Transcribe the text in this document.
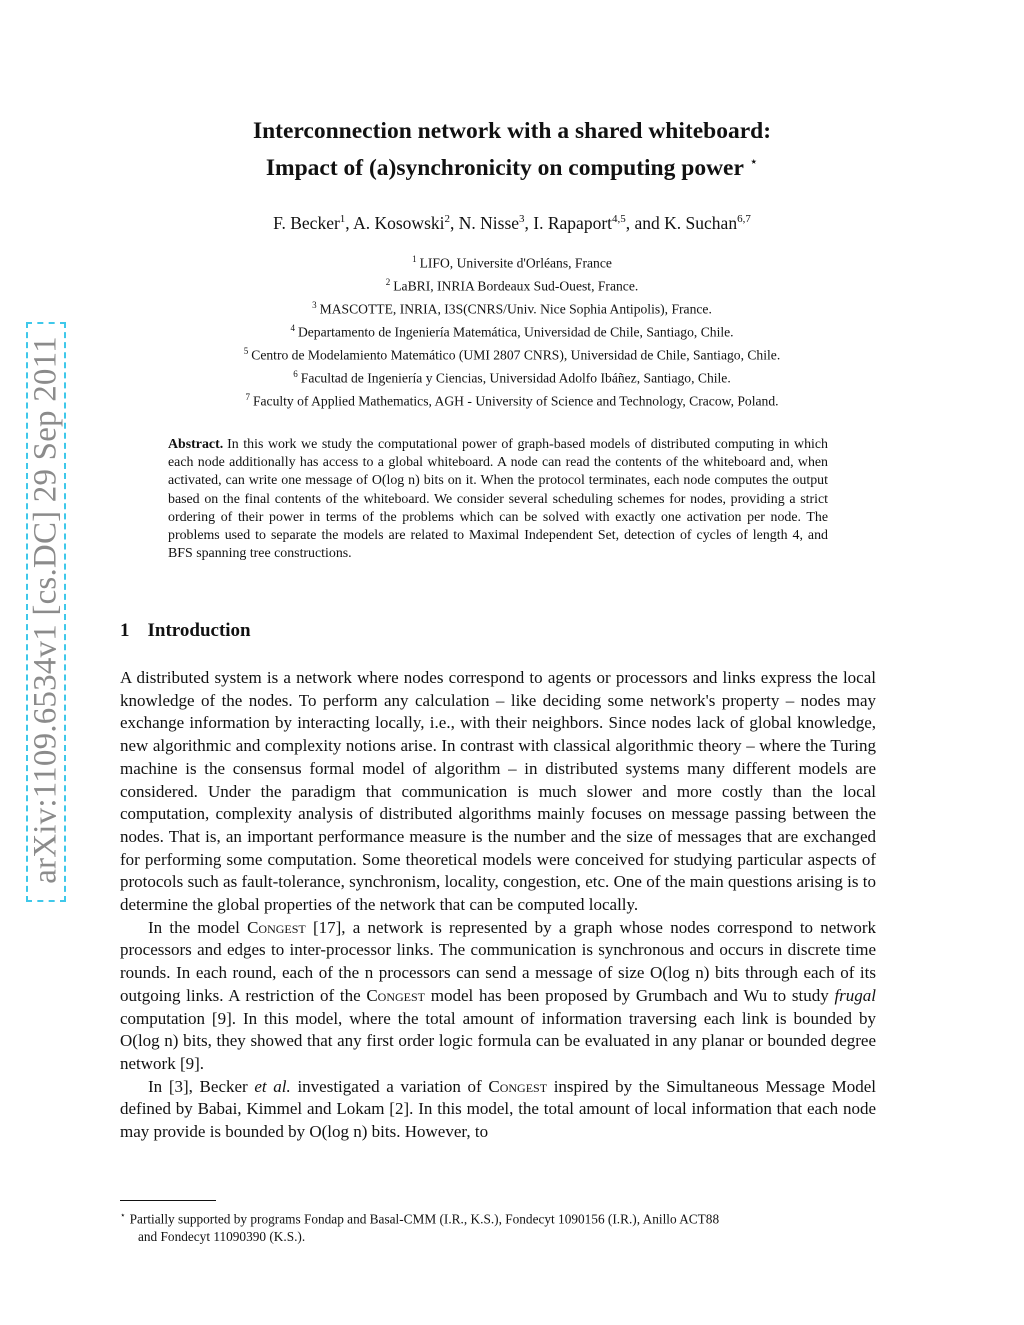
arXiv:1109.6534v1 [cs.DC] 29 Sep 2011
Interconnection network with a shared whiteboard:
Impact of (a)synchronicity on computing power ⋆
F. Becker$^1$, A. Kosowski$^2$, N. Nisse$^3$, I. Rapaport$^{4,5}$, and K. Suchan$^{6,7}$
$^1$ LIFO, Universite d'Orléans, France
$^2$ LaBRI, INRIA Bordeaux Sud-Ouest, France.
$^3$ MASCOTTE, INRIA, I3S(CNRS/Univ. Nice Sophia Antipolis), France.
$^4$ Departamento de Ingeniería Matemática, Universidad de Chile, Santiago, Chile.
$^5$ Centro de Modelamiento Matemático (UMI 2807 CNRS), Universidad de Chile, Santiago, Chile.
$^6$ Facultad de Ingeniería y Ciencias, Universidad Adolfo Ibáñez, Santiago, Chile.
$^7$ Faculty of Applied Mathematics, AGH - University of Science and Technology, Cracow, Poland.
Abstract. In this work we study the computational power of graph-based models of distributed computing in which each node additionally has access to a global whiteboard. A node can read the contents of the whiteboard and, when activated, can write one message of O(log n) bits on it. When the protocol terminates, each node computes the output based on the final contents of the whiteboard. We consider several scheduling schemes for nodes, providing a strict ordering of their power in terms of the problems which can be solved with exactly one activation per node. The problems used to separate the models are related to Maximal Independent Set, detection of cycles of length 4, and BFS spanning tree constructions.
1 Introduction

A distributed system is a network where nodes correspond to agents or processors and links express the local knowledge of the nodes. To perform any calculation – like deciding some network's property – nodes may exchange information by interacting locally, i.e., with their neighbors. Since nodes lack of global knowledge, new algorithmic and complexity notions arise. In contrast with classical algorithmic theory – where the Turing machine is the consensus formal model of algorithm – in distributed systems many different models are considered. Under the paradigm that communication is much slower and more costly than the local computation, complexity analysis of distributed algorithms mainly focuses on message passing between the nodes. That is, an important performance measure is the number and the size of messages that are exchanged for performing some computation. Some theoretical models were conceived for studying particular aspects of protocols such as fault-tolerance, synchronism, locality, congestion, etc. One of the main questions arising is to determine the global properties of the network that can be computed locally.

In the model Congest [17], a network is represented by a graph whose nodes correspond to network processors and edges to inter-processor links. The communication is synchronous and occurs in discrete time rounds. In each round, each of the n processors can send a message of size O(log n) bits through each of its outgoing links. A restriction of the Congest model has been proposed by Grumbach and Wu to study frugal computation [9]. In this model, where the total amount of information traversing each link is bounded by O(log n) bits, they showed that any first order logic formula can be evaluated in any planar or bounded degree network [9].

In [3], Becker et al. investigated a variation of Congest inspired by the Simultaneous Message Model defined by Babai, Kimmel and Lokam [2]. In this model, the total amount of local information that each node may provide is bounded by O(log n) bits. However, to

⋆ Partially supported by programs Fondap and Basal-CMM (I.R., K.S.), Fondecyt 1090156 (I.R.), Anillo ACT88
and Fondecyt 11090390 (K.S.).
